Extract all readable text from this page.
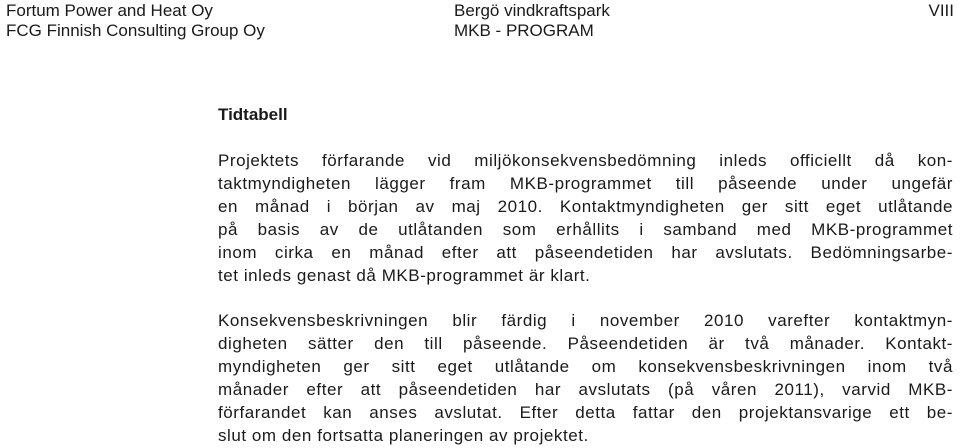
Fortum Power and Heat Oy
FCG Finnish Consulting Group Oy
Bergö vindkraftspark
MKB - PROGRAM
VIII
Tidtabell

Projektets förfarande vid miljökonsekvensbedömning inleds officiellt då kon-
taktmyndigheten lägger fram MKB-programmet till påseende under ungefär
en månad i början av maj 2010. Kontaktmyndigheten ger sitt eget utlåtande
på basis av de utlåtanden som erhållits i samband med MKB-programmet
inom cirka en månad efter att påseendetiden har avslutats. Bedömningsarbe-
tet inleds genast då MKB-programmet är klart.

Konsekvensbeskrivningen blir färdig i november 2010 varefter kontaktmyn-
digheten sätter den till påseende. Påseendetiden är två månader. Kontakt-
myndigheten ger sitt eget utlåtande om konsekvensbeskrivningen inom två
månader efter att påseendetiden har avslutats (på våren 2011), varvid MKB-
förfarandet kan anses avslutat. Efter detta fattar den projektansvarige ett be-
slut om den fortsatta planeringen av projektet.
